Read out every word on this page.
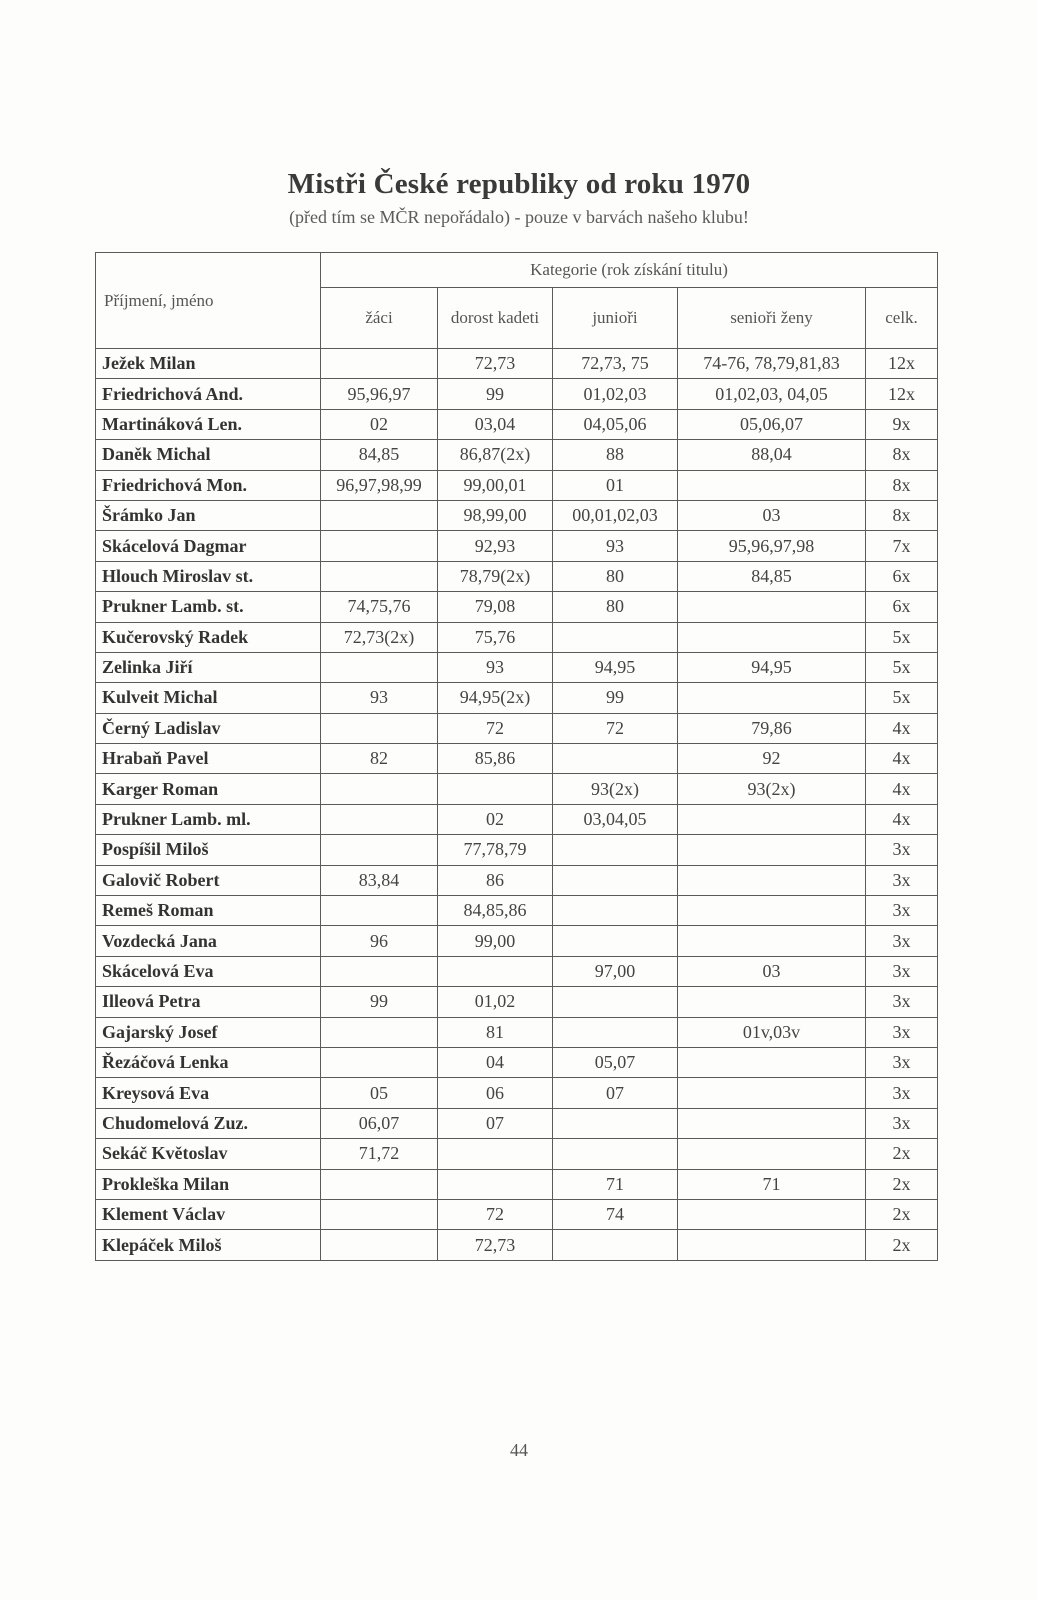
Mistři České republiky od roku 1970
(před tím se MČR nepořádalo) - pouze v barvách našeho klubu!
Příjmení, jméno	Kategorie (rok získání titulu)				
	žáci	dorost kadeti	junioři	senioři ženy	celk.
Ježek Milan		72,73	72,73, 75	74-76, 78,79,81,83	12x
Friedrichová And.	95,96,97	99	01,02,03	01,02,03, 04,05	12x
Martináková Len.	02	03,04	04,05,06	05,06,07	9x
Daněk Michal	84,85	86,87(2x)	88	88,04	8x
Friedrichová Mon.	96,97,98,99	99,00,01	01		8x
Šrámko Jan		98,99,00	00,01,02,03	03	8x
Skácelová Dagmar		92,93	93	95,96,97,98	7x
Hlouch Miroslav st.		78,79(2x)	80	84,85	6x
Prukner Lamb. st.	74,75,76	79,08	80		6x
Kučerovský Radek	72,73(2x)	75,76			5x
Zelinka Jiří		93	94,95	94,95	5x
Kulveit Michal	93	94,95(2x)	99		5x
Černý Ladislav		72	72	79,86	4x
Hrabaň Pavel	82	85,86		92	4x
Karger Roman			93(2x)	93(2x)	4x
Prukner Lamb. ml.		02	03,04,05		4x
Pospíšil Miloš		77,78,79			3x
Galovič Robert	83,84	86			3x
Remeš Roman		84,85,86			3x
Vozdecká Jana	96	99,00			3x
Skácelová Eva			97,00	03	3x
Illeová Petra	99	01,02			3x
Gajarský Josef		81		01v,03v	3x
Řezáčová Lenka		04	05,07		3x
Kreysová Eva	05	06	07		3x
Chudomelová Zuz.	06,07	07			3x
Sekáč Květoslav	71,72				2x
Prokleška Milan			71	71	2x
Klement Václav		72	74		2x
Klepáček Miloš		72,73			2x
44
